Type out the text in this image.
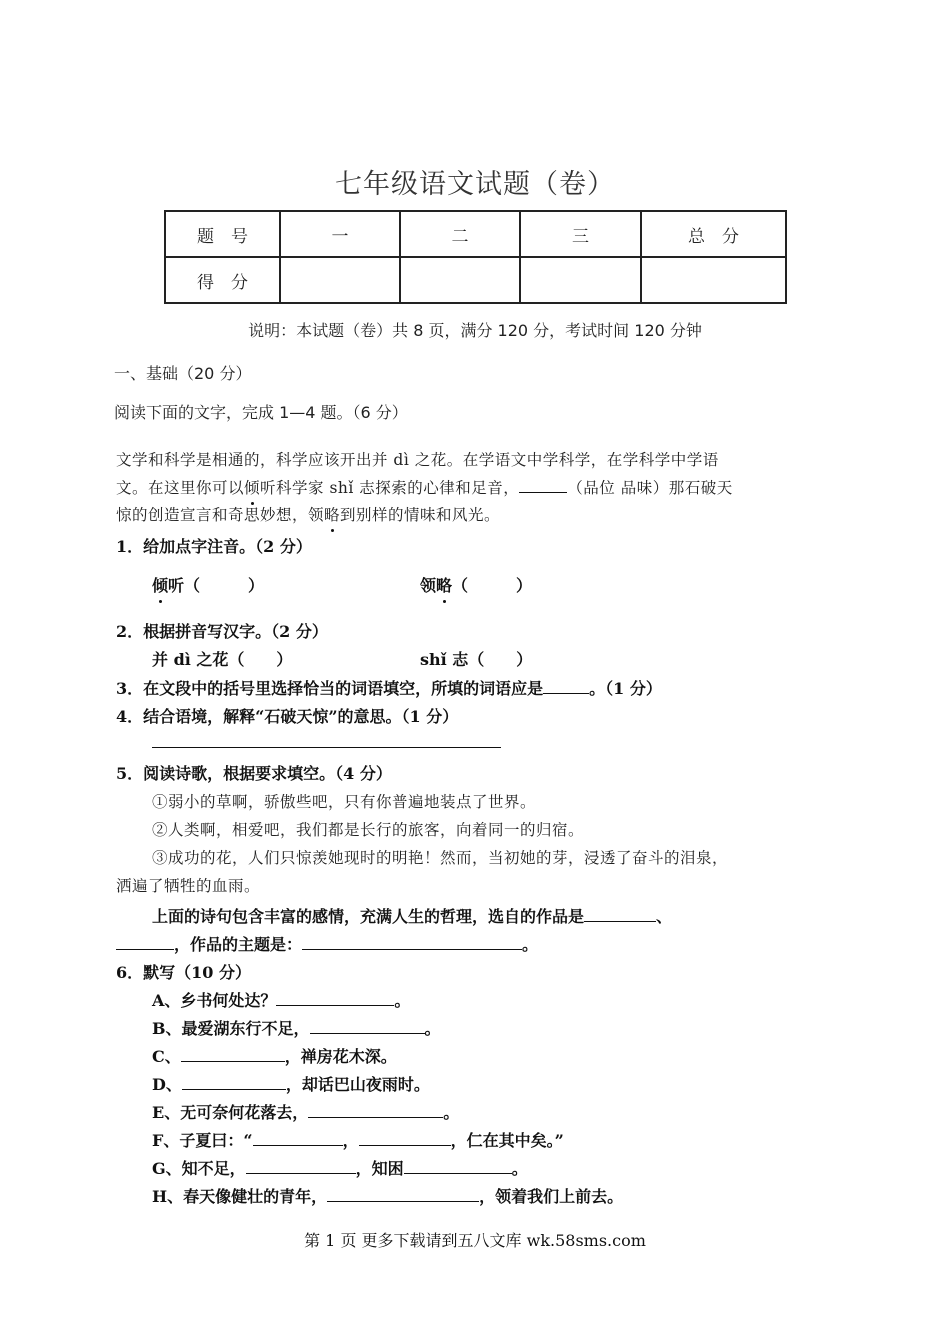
七年级语文试题（卷）
题　号	一	二	三	总　分
得　分				
说明：本试题（卷）共 8 页，满分 120 分，考试时间 120 分钟
一、基础（20 分）
阅读下面的文字，完成 1—4 题。（6 分）
文学和科学是相通的，科学应该开出并 dì 之花。在学语文中学科学，在学科学中学语
文。在这里你可以倾听科学家 shǐ 志探索的心律和足音，	（品位 品味）那石破天
惊的创造宣言和奇思妙想，领略到别样的情味和风光。
1．给加点字注音。（2 分）
倾听（　　　）	领略（　　　）
2．根据拼音写汉字。（2 分）
并 dì 之花（　　）	shǐ 志（　　）
3．在文段中的括号里选择恰当的词语填空，所填的词语应是	。（1 分）
4．结合语境，解释“石破天惊”的意思。（1 分）
5．阅读诗歌，根据要求填空。（4 分）
①弱小的草啊，骄傲些吧，只有你普遍地装点了世界。
②人类啊，相爱吧，我们都是长行的旅客，向着同一的归宿。
③成功的花，人们只惊羡她现时的明艳！然而，当初她的芽，浸透了奋斗的泪泉，
洒遍了牺牲的血雨。
上面的诗句包含丰富的感情，充满人生的哲理，选自的作品是	、
，作品的主题是：	。
6．默写（10 分）
A、乡书何处达？	。
B、最爱湖东行不足，	。
C、	，禅房花木深。
D、	，却话巴山夜雨时。
E、无可奈何花落去，	。
F、子夏曰：“	，	，仁在其中矣。”
G、知不足，	，知困	。
H、春天像健壮的青年，	，领着我们上前去。
第 1 页 更多下载请到五八文库 wk.58sms.com
